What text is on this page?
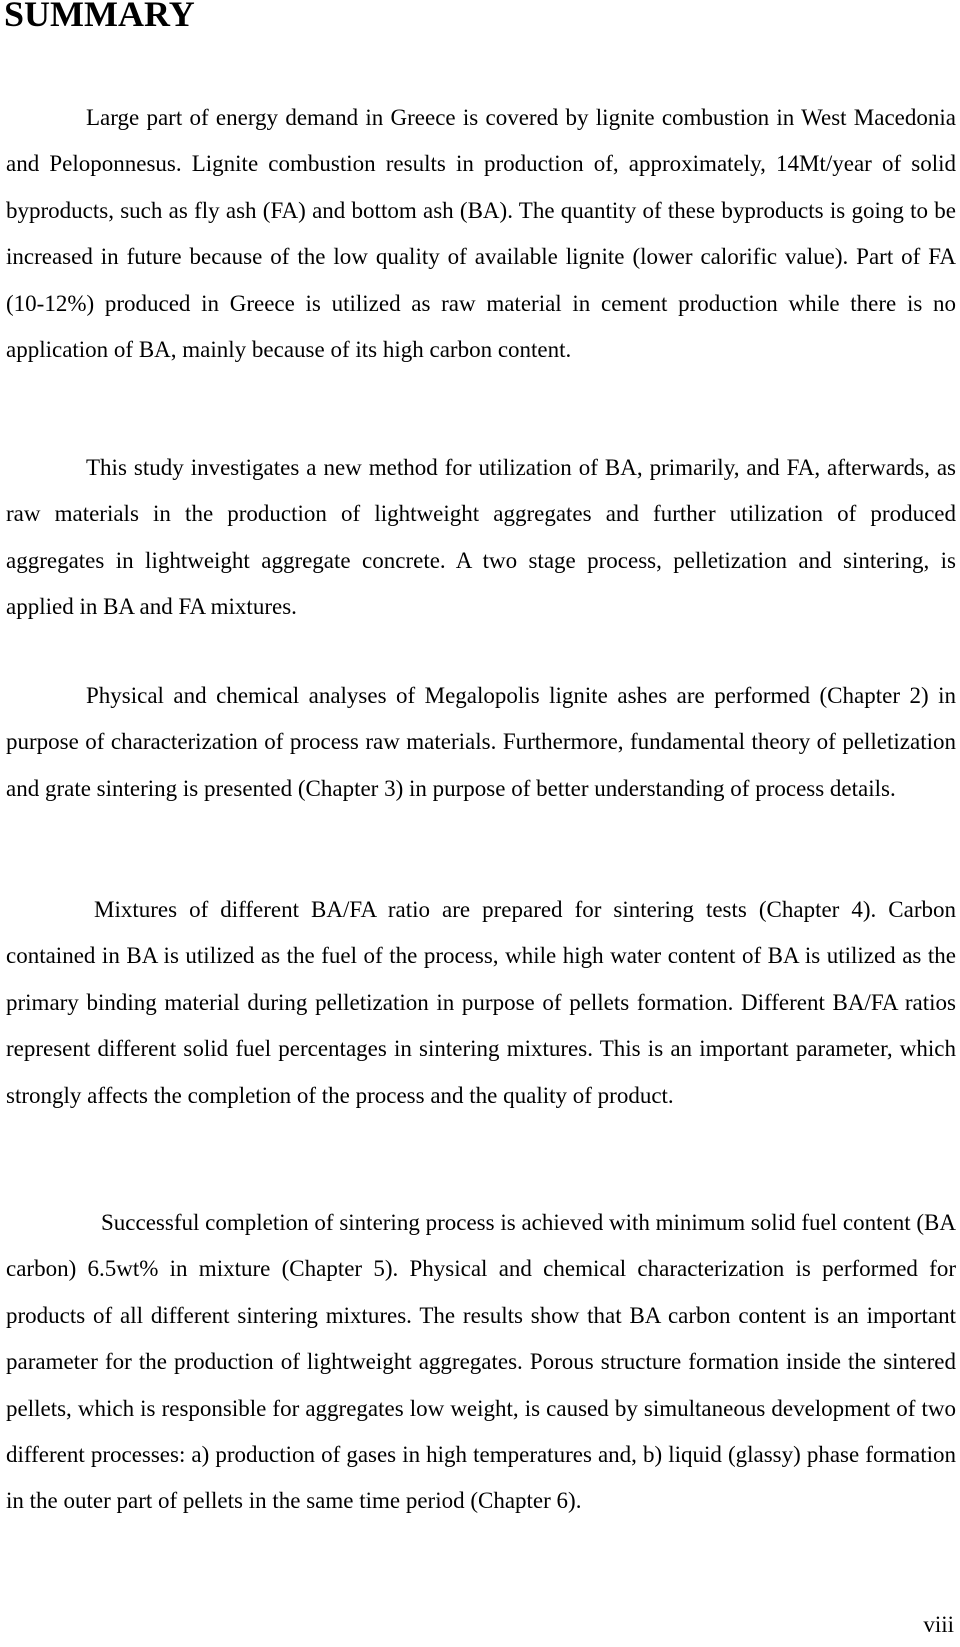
SUMMARY

Large part of energy demand in Greece is covered by lignite combustion in West Macedonia and Peloponnesus. Lignite combustion results in production of, approximately, 14Mt/year of solid byproducts, such as fly ash (FA) and bottom ash (BA). The quantity of these byproducts is going to be increased in future because of the low quality of available lignite (lower calorific value). Part of FA (10-12%) produced in Greece is utilized as raw material in cement production while there is no application of BA, mainly because of its high carbon content.

This study investigates a new method for utilization of BA, primarily, and FA, afterwards, as raw materials in the production of lightweight aggregates and further utilization of produced aggregates in lightweight aggregate concrete. A two stage process, pelletization and sintering, is applied in BA and FA mixtures.

Physical and chemical analyses of Megalopolis lignite ashes are performed (Chapter 2) in purpose of characterization of process raw materials. Furthermore, fundamental theory of pelletization and grate sintering is presented (Chapter 3) in purpose of better understanding of process details.

Mixtures of different BA/FA ratio are prepared for sintering tests (Chapter 4). Carbon contained in BA is utilized as the fuel of the process, while high water content of BA is utilized as the primary binding material during pelletization in purpose of pellets formation. Different BA/FA ratios represent different solid fuel percentages in sintering mixtures. This is an important parameter, which strongly affects the completion of the process and the quality of product.

Successful completion of sintering process is achieved with minimum solid fuel content (BA carbon) 6.5wt% in mixture (Chapter 5). Physical and chemical characterization is performed for products of all different sintering mixtures. The results show that BA carbon content is an important parameter for the production of lightweight aggregates. Porous structure formation inside the sintered pellets, which is responsible for aggregates low weight, is caused by simultaneous development of two different processes: a) production of gases in high temperatures and, b) liquid (glassy) phase formation in the outer part of pellets in the same time period (Chapter 6).

viii
